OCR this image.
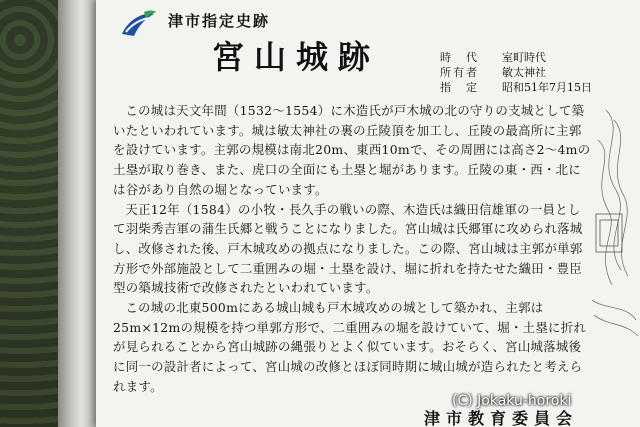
津市指定史跡
宮山城跡	時　代	室町時代
所有者	敏太神社
指　定	昭和51年7月15日

この城は天文年間（1532～1554）に木造氏が戸木城の北の守りの支城として築いたといわれています。城は敏太神社の裏の丘陵頂を加工し、丘陵の最高所に主郭を設けています。主郭の規模は南北20m、東西10mで、その周囲には高さ2～4mの土塁が取り巻き、また、虎口の全面にも土塁と堀があります。丘陵の東・西・北には谷があり自然の堀となっています。

天正12年（1584）の小牧・長久手の戦いの際、木造氏は織田信雄軍の一員として羽柴秀吉軍の蒲生氏郷と戦うことになりました。宮山城は氏郷軍に攻められ落城し、改修された後、戸木城攻めの拠点になりました。この際、宮山城は主郭が単郭方形で外部施設として二重囲みの堀・土塁を設け、堀に折れを持たせた織田・豊臣型の築城技術で改修されたといわれています。

この城の北東500mにある城山城も戸木城攻めの城として築かれ、主郭は25m×12mの規模を持つ単郭方形で、二重囲みの堀を設けていて、堀・土塁に折れが見られることから宮山城跡の縄張りとよく似ています。おそらく、宮山城落城後に同一の設計者によって、宮山城の改修とほぼ同時期に城山城が造られたと考えられます。

津市教育委員会
(C) Jokaku-horoki
